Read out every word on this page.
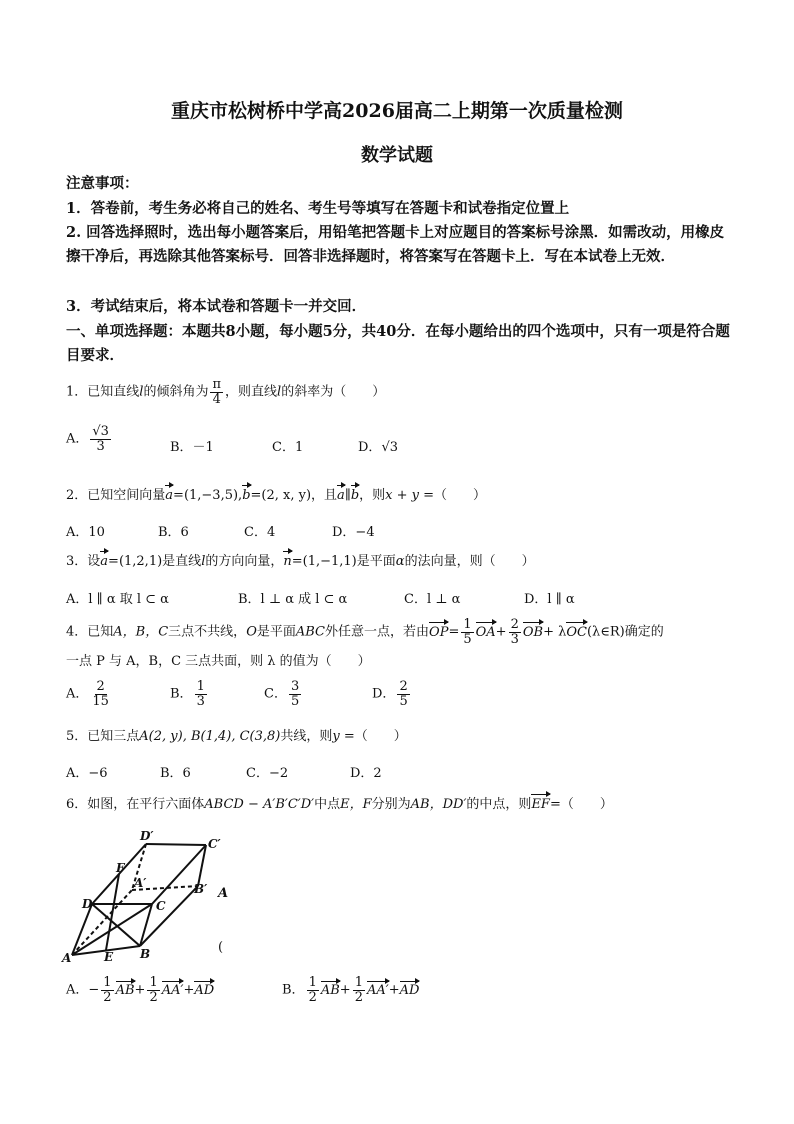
重庆市松树桥中学高2026届高二上期第一次质量检测
数学试题
注意事项：
1．答卷前，考生务必将自己的姓名、考生号等填写在答题卡和试卷指定位置上
2. 回答选择照时，选出每小题答案后，用铅笔把答题卡上对应题目的答案标号涂黑．如需改动，用橡皮擦干净后，再选除其他答案标号．回答非选择题时，将答案写在答题卡上．写在本试卷上无效．
3．考试结束后，将本试卷和答题卡一并交回．
一、单项选择题：本题共8小题，每小题5分，共40分．在每小题给出的四个选项中，只有一项是符合题目要求．
1．已知直线l的倾斜角为 $\frac{\pi}{4}$ ，则直线l的斜率为（　　）
A． $\frac{√3}{3}$	B．－1	C．1	D．√3
2．已知空间向量a=(1,−3,5),b=(2, x, y)，且a∥b，则x + y =（　　）
A．10	B．6	C．4	D．−4
3．设a=(1,2,1)是直线l的方向向量，n=(1,−1,1)是平面α的法向量，则（　　）
A．l ∥ α 取 l ⊂ α	B．l ⊥ α 成 l ⊂ α	C．l ⊥ α	D．l ∥ α
4．已知A，B，C三点不共线，O是平面ABC外任意一点，若由$OP= \frac{1}{5} OA+ \frac{2}{3} OB+$ λOC(λ∈R)确定的
一点 P 与 A，B，C 三点共面，则 λ 的值为（　　）
A． $\frac{2}{15}$	B． $\frac{1}{3}$	C． $\frac{3}{5}$	D． $\frac{2}{5}$
5．已知三点A(2, y), B(1,4), C(3,8)共线，则y =（　　）
A．−6	B．6	C．−2	D．2
6．如图，在平行六面体ABCD − A′B′C′D′中点E，F分别为AB，DD′的中点，则EF=（　　）
D′
C′
F
A′	B′
D	C
E B
A
A
(
A．− $\frac{1}{2} AB+ \frac{1}{2} AA'+AD$	B． $\frac{1}{2} AB+ \frac{1}{2} AA'+AD$
